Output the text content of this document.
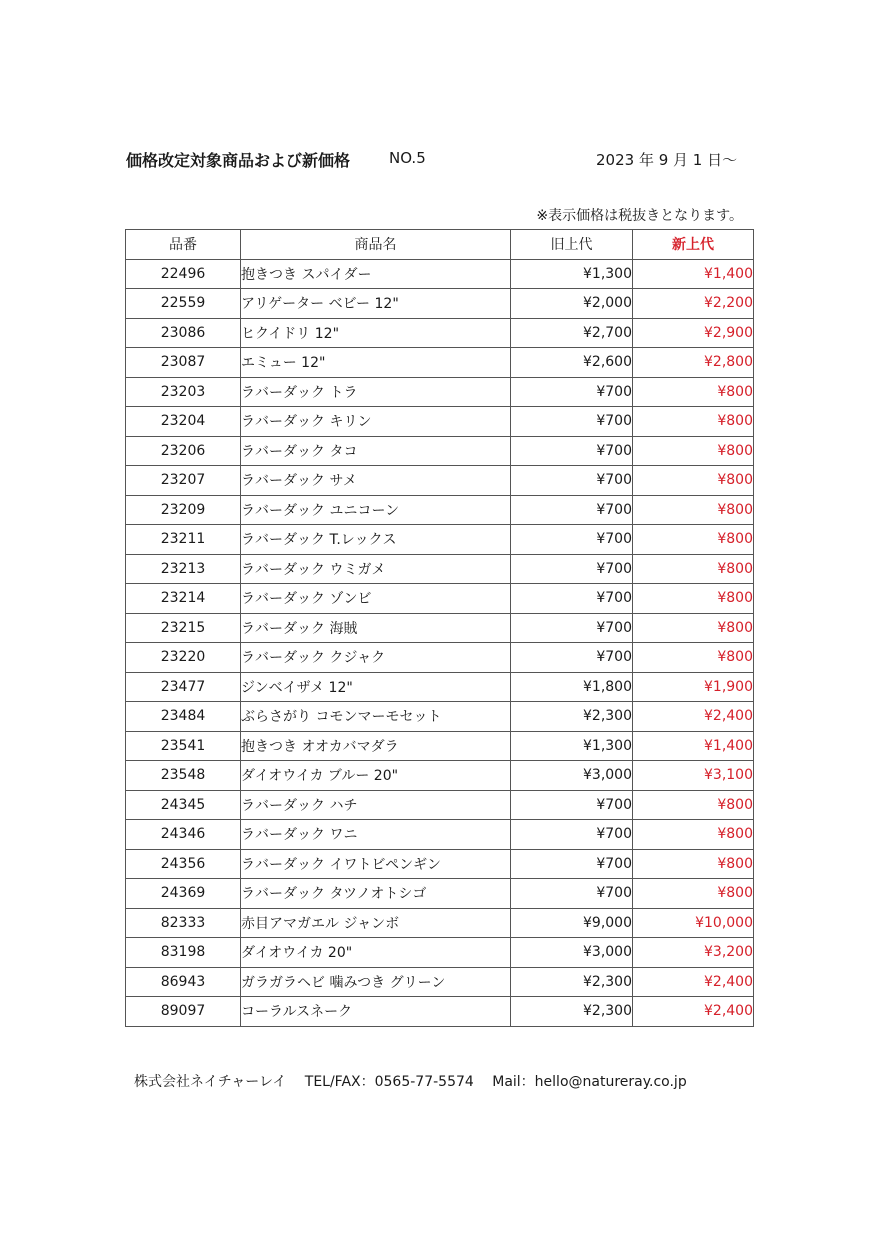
価格改定対象商品および新価格	NO.5	2023 年 9 月 1 日〜
※表示価格は税抜きとなります。
品番	商品名	旧上代	新上代
22496	抱きつき スパイダー	¥1,300	¥1,400
22559	アリゲーター ベビー 12"	¥2,000	¥2,200
23086	ヒクイドリ 12"	¥2,700	¥2,900
23087	エミュー 12"	¥2,600	¥2,800
23203	ラバーダック トラ	¥700	¥800
23204	ラバーダック キリン	¥700	¥800
23206	ラバーダック タコ	¥700	¥800
23207	ラバーダック サメ	¥700	¥800
23209	ラバーダック ユニコーン	¥700	¥800
23211	ラバーダック T.レックス	¥700	¥800
23213	ラバーダック ウミガメ	¥700	¥800
23214	ラバーダック ゾンビ	¥700	¥800
23215	ラバーダック 海賊	¥700	¥800
23220	ラバーダック クジャク	¥700	¥800
23477	ジンベイザメ 12"	¥1,800	¥1,900
23484	ぶらさがり コモンマーモセット	¥2,300	¥2,400
23541	抱きつき オオカバマダラ	¥1,300	¥1,400
23548	ダイオウイカ ブルー 20"	¥3,000	¥3,100
24345	ラバーダック ハチ	¥700	¥800
24346	ラバーダック ワニ	¥700	¥800
24356	ラバーダック イワトビペンギン	¥700	¥800
24369	ラバーダック タツノオトシゴ	¥700	¥800
82333	赤目アマガエル ジャンボ	¥9,000	¥10,000
83198	ダイオウイカ 20"	¥3,000	¥3,200
86943	ガラガラヘビ 噛みつき グリーン	¥2,300	¥2,400
89097	コーラルスネーク	¥2,300	¥2,400
株式会社ネイチャーレイ　 TEL/FAX：0565-77-5574　 Mail：hello@natureray.co.jp
